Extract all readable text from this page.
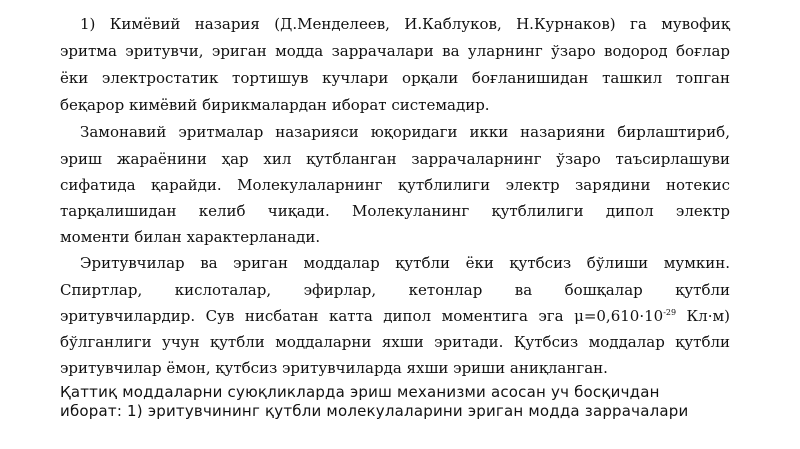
1) Кимёвий назария (Д.Менделеев, И.Каблуков, Н.Курнаков) га мувофиқ

эритма эритувчи, эриган модда заррачалари ва уларнинг ўзаро водород боғлар

ёки электростатик тортишув кучлари орқали боғланишидан ташкил топган

беқарор кимёвий бирикмалардан иборат системадир.

Замонавий эритмалар назарияси юқоридаги икки назарияни бирлаштириб,

эриш жараёнини ҳар хил қутбланган заррачаларнинг ўзаро таъсирлашуви

сифатида қарайди. Молекулаларнинг қутблилиги электр зарядини нотекис

тарқалишидан келиб чиқади. Молекуланинг қутблилиги дипол электр

моменти билан характерланади.

Эритувчилар ва эриган моддалар қутбли ёки қутбсиз бўлиши мумкин.

Спиртлар, кислоталар, эфирлар, кетонлар ва бошқалар қутбли

эритувчилардир. Сув нисбатан катта дипол моментига эга $\mu=0,610\cdot 10^{-29}$ Кл·м)

бўлганлиги учун қутбли моддаларни яхши эритади. Қутбсиз моддалар қутбли

эритувчилар ёмон, қутбсиз эритувчиларда яхши эриши аниқланган.

Қаттиқ моддаларни суюқликларда эриш механизми асосан уч босқичдан

иборат: 1) эритувчининг қутбли молекулаларини эриган модда заррачалари
